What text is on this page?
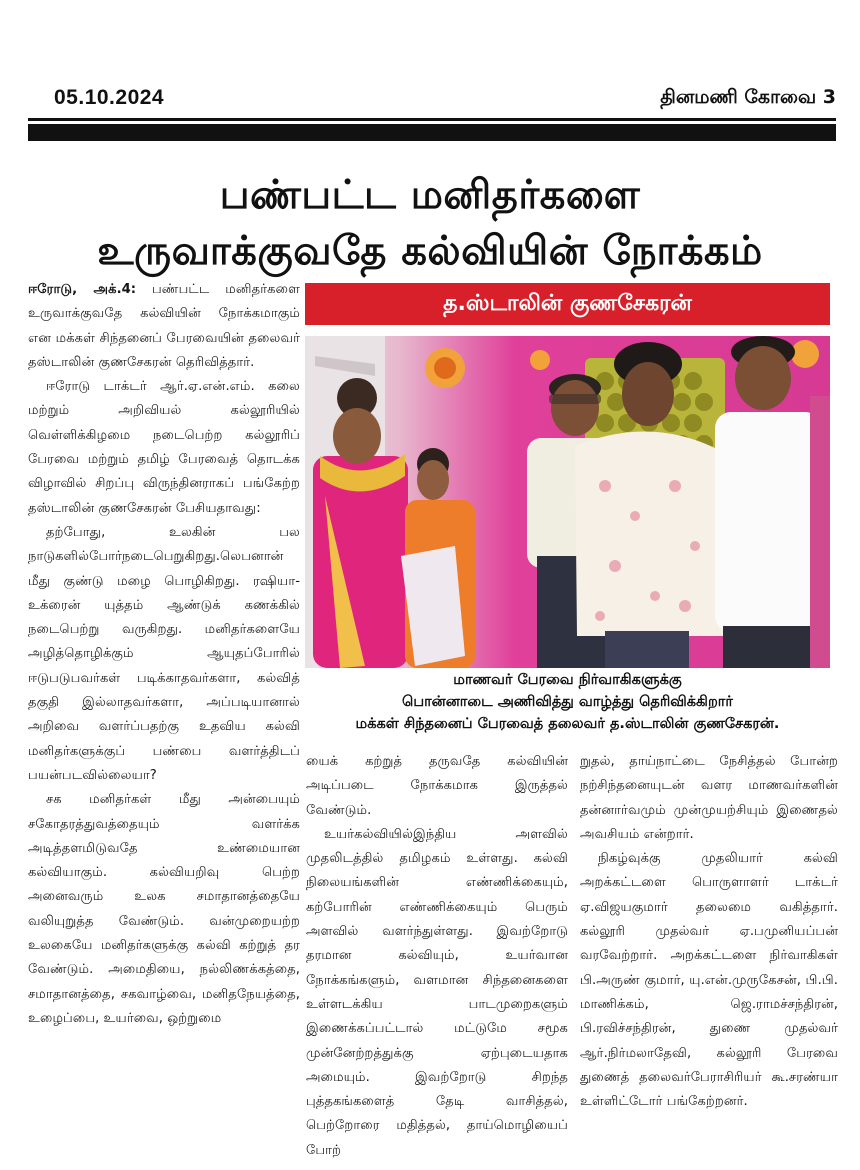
05.10.2024	தினமணி கோவை 3
பண்பட்ட மனிதர்களை
உருவாக்குவதே கல்வியின் நோக்கம்

ஈரோடு, அக்.4: பண்பட்ட மனிதர்களை உருவாக்குவதே கல்வியின் நோக்கமாகும் என மக்கள் சிந்தனைப் பேரவையின் தலைவர் தஸ்டாலின் குணசேகரன் தெரிவித்தார்.

ஈரோடு டாக்டர் ஆர்.ஏ.என்.எம். கலை மற்றும் அறிவியல் கல்லூரியில் வெள்ளிக்கிழமை நடைபெற்ற கல்லூரிப் பேரவை மற்றும் தமிழ் பேரவைத் தொடக்க விழாவில் சிறப்பு விருந்தினராகப் பங்கேற்ற தஸ்டாலின் குணசேகரன் பேசியதாவது:

தற்போது, உலகின் பல நாடுகளில்போர்நடைபெறுகிறது.லெபனான் மீது குண்டு மழை பொழிகிறது. ரஷியா-உக்ரைன் யுத்தம் ஆண்டுக் கணக்கில் நடைபெற்று வருகிறது. மனிதர்களையே அழித்தொழிக்கும் ஆயுதப்போரில் ஈடுபடுபவர்கள் படிக்காதவர்களா, கல்வித் தகுதி இல்லாதவர்களா, அப்படியானால் அறிவை வளர்ப்பதற்கு உதவிய கல்வி மனிதர்களுக்குப் பண்பை வளர்த்திடப் பயன்படவில்லையா?

சக மனிதர்கள் மீது அன்பையும் சகோதரத்துவத்தையும் வளர்க்க அடித்தளமிடுவதே உண்மையான கல்வியாகும். கல்வியறிவு பெற்ற அனைவரும் உலக சமாதானத்தையே வலியுறுத்த வேண்டும். வன்முறையற்ற உலகையே மனிதர்களுக்கு கல்வி கற்றுத் தர வேண்டும். அமைதியை, நல்லிணக்கத்தை, சமாதானத்தை, சகவாழ்வை, மனிதநேயத்தை, உழைப்பை, உயர்வை, ஒற்றுமை

த.ஸ்டாலின் குணசேகரன்
மாணவர் பேரவை நிர்வாகிகளுக்கு
பொன்னாடை அணிவித்து வாழ்த்து தெரிவிக்கிறார்
மக்கள் சிந்தனைப் பேரவைத் தலைவர் த.ஸ்டாலின் குணசேகரன்.

யைக் கற்றுத் தருவதே கல்வியின் அடிப்படை நோக்கமாக இருத்தல் வேண்டும்.

உயர்கல்வியில்இந்திய அளவில் முதலிடத்தில் தமிழகம் உள்ளது. கல்வி நிலையங்களின் எண்ணிக்கையும், கற்போரின் எண்ணிக்கையும் பெரும் அளவில் வளர்ந்துள்ளது. இவற்றோடு தரமான கல்வியும், உயர்வான நோக்கங்களும், வளமான சிந்தனைகளை உள்ளடக்கிய பாடமுறைகளும் இணைக்கப்பட்டால் மட்டுமே சமூக முன்னேற்றத்துக்கு ஏற்புடையதாக அமையும். இவற்றோடு சிறந்த புத்தகங்களைத் தேடி வாசித்தல், பெற்றோரை மதித்தல், தாய்மொழியைப் போற்

றுதல், தாய்நாட்டை நேசித்தல் போன்ற நற்சிந்தனையுடன் வளர மாணவர்களின் தன்னார்வமும் முன்முயற்சியும் இணைதல் அவசியம் என்றார்.

நிகழ்வுக்கு முதலியார் கல்வி அறக்கட்டளை பொருளாளர் டாக்டர் ஏ.விஜயகுமார் தலைமை வகித்தார். கல்லூரி முதல்வர் ஏ.பமுனியப்பன் வரவேற்றார். அறக்கட்டளை நிர்வாகிகள் பி.அருண் குமார், யு.என்.முருகேசன், பி.பி. மாணிக்கம், ஜெ.ராமச்சந்திரன், பி.ரவிச்சந்திரன், துணை முதல்வர் ஆர்.நிர்மலாதேவி, கல்லூரி பேரவை துணைத் தலைவர்பேராசிரியர் கூ.சரண்யா உள்ளிட்டோர் பங்கேற்றனர்.
